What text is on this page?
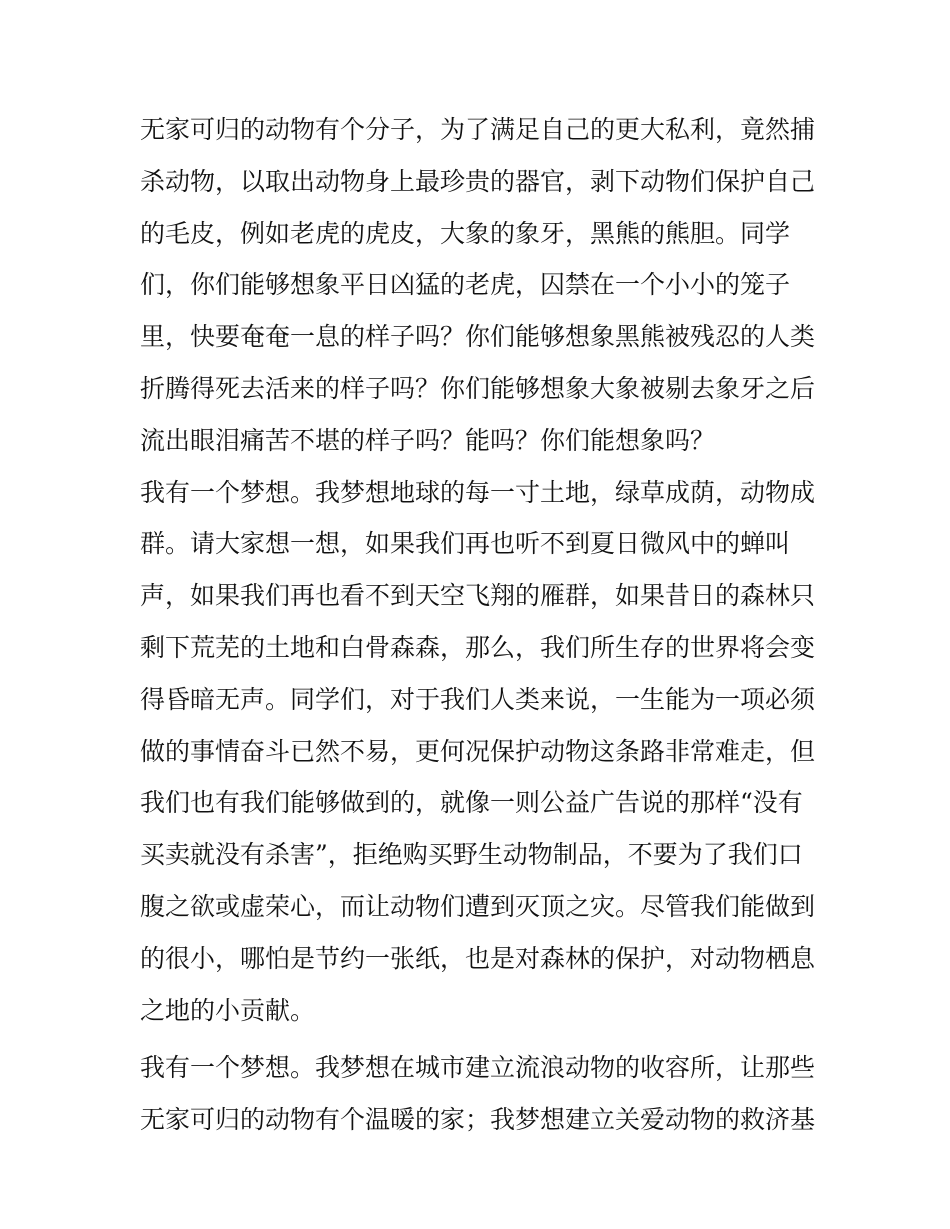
无家可归的动物有个分子，为了满足自己的更大私利，竟然捕
杀动物，以取出动物身上最珍贵的器官，剥下动物们保护自己
的毛皮，例如老虎的虎皮，大象的象牙，黑熊的熊胆。同学
们，你们能够想象平日凶猛的老虎，囚禁在一个小小的笼子
里，快要奄奄一息的样子吗？你们能够想象黑熊被残忍的人类
折腾得死去活来的样子吗？你们能够想象大象被剔去象牙之后
流出眼泪痛苦不堪的样子吗？能吗？你们能想象吗？
我有一个梦想。我梦想地球的每一寸土地，绿草成荫，动物成
群。请大家想一想，如果我们再也听不到夏日微风中的蝉叫
声，如果我们再也看不到天空飞翔的雁群，如果昔日的森林只
剩下荒芜的土地和白骨森森，那么，我们所生存的世界将会变
得昏暗无声。同学们，对于我们人类来说，一生能为一项必须
做的事情奋斗已然不易，更何况保护动物这条路非常难走，但
我们也有我们能够做到的，就像一则公益广告说的那样“没有
买卖就没有杀害”，拒绝购买野生动物制品，不要为了我们口
腹之欲或虚荣心，而让动物们遭到灭顶之灾。尽管我们能做到
的很小，哪怕是节约一张纸，也是对森林的保护，对动物栖息
之地的小贡献。
我有一个梦想。我梦想在城市建立流浪动物的收容所，让那些
无家可归的动物有个温暖的家；我梦想建立关爱动物的救济基
